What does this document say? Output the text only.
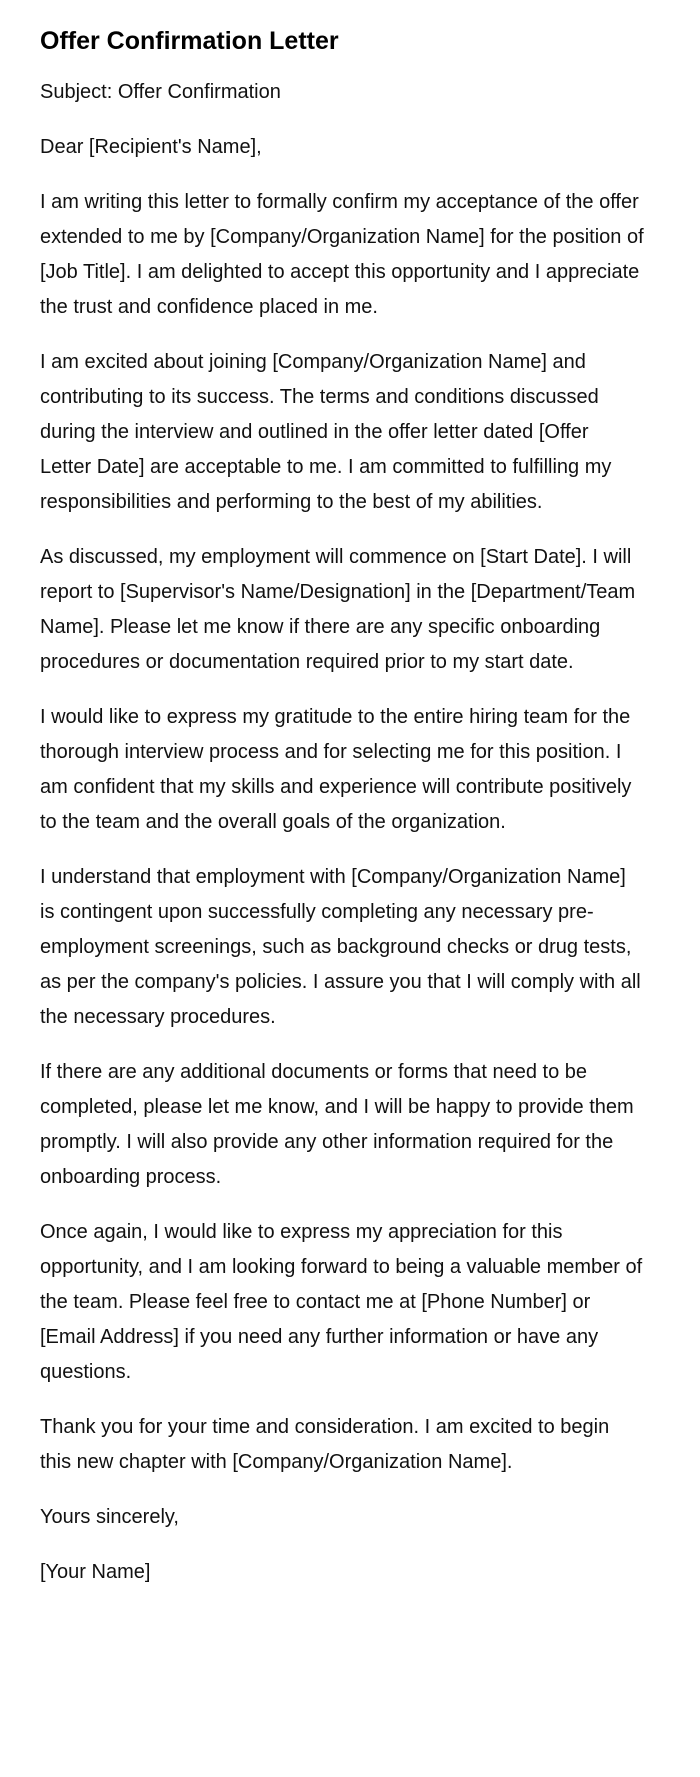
Offer Confirmation Letter

Subject: Offer Confirmation

Dear [Recipient's Name],

I am writing this letter to formally confirm my acceptance of the offer extended to me by [Company/Organization Name] for the position of [Job Title]. I am delighted to accept this opportunity and I appreciate the trust and confidence placed in me.

I am excited about joining [Company/Organization Name] and contributing to its success. The terms and conditions discussed during the interview and outlined in the offer letter dated [Offer Letter Date] are acceptable to me. I am committed to fulfilling my responsibilities and performing to the best of my abilities.

As discussed, my employment will commence on [Start Date]. I will report to [Supervisor's Name/Designation] in the [Department/Team Name]. Please let me know if there are any specific onboarding procedures or documentation required prior to my start date.

I would like to express my gratitude to the entire hiring team for the thorough interview process and for selecting me for this position. I am confident that my skills and experience will contribute positively to the team and the overall goals of the organization.

I understand that employment with [Company/Organization Name] is contingent upon successfully completing any necessary pre-employment screenings, such as background checks or drug tests, as per the company's policies. I assure you that I will comply with all the necessary procedures.

If there are any additional documents or forms that need to be completed, please let me know, and I will be happy to provide them promptly. I will also provide any other information required for the onboarding process.

Once again, I would like to express my appreciation for this opportunity, and I am looking forward to being a valuable member of the team. Please feel free to contact me at [Phone Number] or [Email Address] if you need any further information or have any questions.

Thank you for your time and consideration. I am excited to begin this new chapter with [Company/Organization Name].

Yours sincerely,

[Your Name]
